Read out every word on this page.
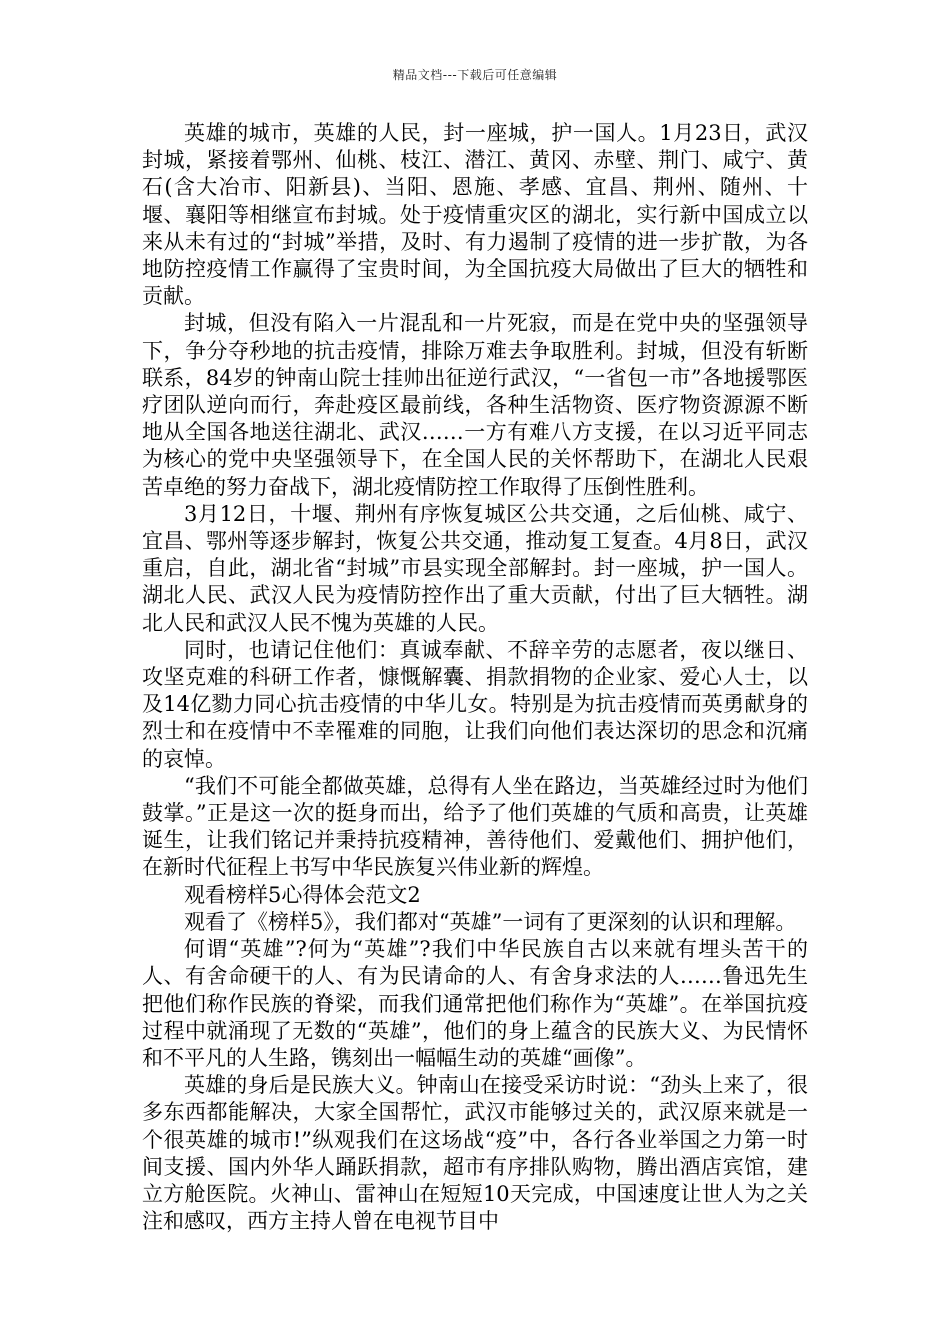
精品文档---下载后可任意编辑

英雄的城市，英雄的人民，封一座城，护一国人。1月23日，武汉封城，紧接着鄂州、仙桃、枝江、潜江、黄冈、赤壁、荆门、咸宁、黄石(含大冶市、阳新县)、当阳、恩施、孝感、宜昌、荆州、随州、十堰、襄阳等相继宣布封城。处于疫情重灾区的湖北，实行新中国成立以来从未有过的“封城”举措，及时、有力遏制了疫情的进一步扩散，为各地防控疫情工作赢得了宝贵时间，为全国抗疫大局做出了巨大的牺牲和贡献。

封城，但没有陷入一片混乱和一片死寂，而是在党中央的坚强领导下，争分夺秒地的抗击疫情，排除万难去争取胜利。封城，但没有斩断联系，84岁的钟南山院士挂帅出征逆行武汉，“一省包一市”各地援鄂医疗团队逆向而行，奔赴疫区最前线，各种生活物资、医疗物资源源不断地从全国各地送往湖北、武汉……一方有难八方支援，在以习近平同志为核心的党中央坚强领导下，在全国人民的关怀帮助下，在湖北人民艰苦卓绝的努力奋战下，湖北疫情防控工作取得了压倒性胜利。

3月12日，十堰、荆州有序恢复城区公共交通，之后仙桃、咸宁、宜昌、鄂州等逐步解封，恢复公共交通，推动复工复查。4月8日，武汉重启，自此，湖北省“封城”市县实现全部解封。封一座城，护一国人。湖北人民、武汉人民为疫情防控作出了重大贡献，付出了巨大牺牲。湖北人民和武汉人民不愧为英雄的人民。

同时，也请记住他们：真诚奉献、不辞辛劳的志愿者，夜以继日、攻坚克难的科研工作者，慷慨解囊、捐款捐物的企业家、爱心人士，以及14亿勠力同心抗击疫情的中华儿女。特别是为抗击疫情而英勇献身的烈士和在疫情中不幸罹难的同胞，让我们向他们表达深切的思念和沉痛的哀悼。

“我们不可能全都做英雄，总得有人坐在路边，当英雄经过时为他们鼓掌。”正是这一次的挺身而出，给予了他们英雄的气质和高贵，让英雄诞生，让我们铭记并秉持抗疫精神，善待他们、爱戴他们、拥护他们，在新时代征程上书写中华民族复兴伟业新的辉煌。

观看榜样5心得体会范文2

观看了《榜样5》，我们都对“英雄”一词有了更深刻的认识和理解。

何谓“英雄”?何为“英雄”?我们中华民族自古以来就有埋头苦干的人、有舍命硬干的人、有为民请命的人、有舍身求法的人……鲁迅先生把他们称作民族的脊梁，而我们通常把他们称作为“英雄”。在举国抗疫过程中就涌现了无数的“英雄”，他们的身上蕴含的民族大义、为民情怀和不平凡的人生路，镌刻出一幅幅生动的英雄“画像”。

英雄的身后是民族大义。钟南山在接受采访时说：“劲头上来了，很多东西都能解决，大家全国帮忙，武汉市能够过关的，武汉原来就是一个很英雄的城市!”纵观我们在这场战“疫”中，各行各业举国之力第一时间支援、国内外华人踊跃捐款，超市有序排队购物，腾出酒店宾馆，建立方舱医院。火神山、雷神山在短短10天完成，中国速度让世人为之关注和感叹，西方主持人曾在电视节目中
